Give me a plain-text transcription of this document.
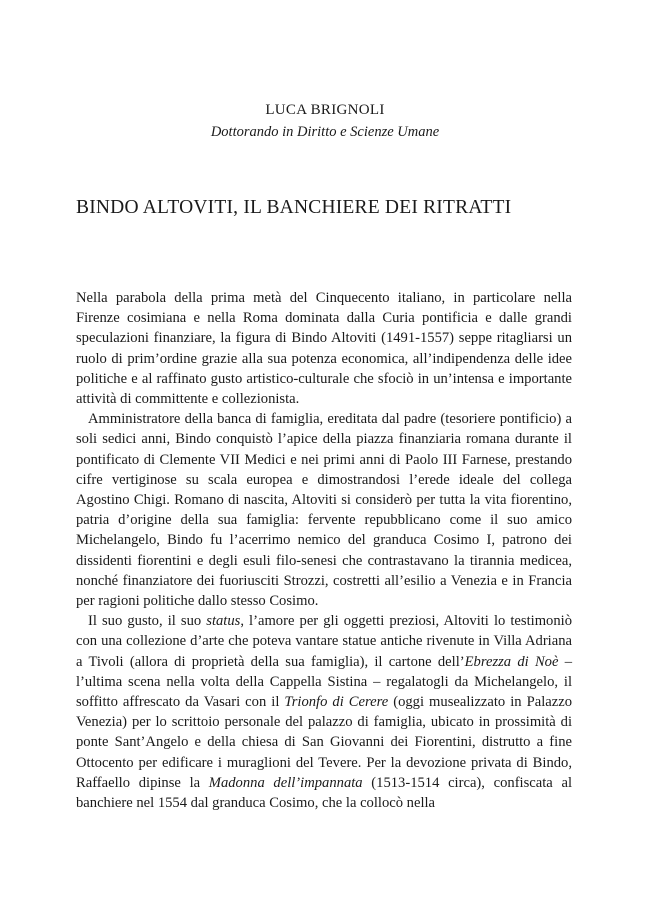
LUCA BRIGNOLI
Dottorando in Diritto e Scienze Umane
BINDO ALTOVITI, IL BANCHIERE DEI RITRATTI

Nella parabola della prima metà del Cinquecento italiano, in particolare nella Firenze cosimiana e nella Roma dominata dalla Curia pontificia e dalle grandi speculazioni finanziare, la figura di Bindo Altoviti (1491-1557) seppe ritagliarsi un ruolo di prim’ordine grazie alla sua potenza economica, all’indipendenza delle idee politiche e al raffinato gusto artistico-culturale che sfociò in un’intensa e importante attività di committente e collezionista.

Amministratore della banca di famiglia, ereditata dal padre (tesoriere pontificio) a soli sedici anni, Bindo conquistò l’apice della piazza finanziaria romana durante il pontificato di Clemente VII Medici e nei primi anni di Paolo III Farnese, prestando cifre vertiginose su scala europea e dimostrandosi l’erede ideale del collega Agostino Chigi. Romano di nascita, Altoviti si considerò per tutta la vita fiorentino, patria d’origine della sua famiglia: fervente repubblicano come il suo amico Michelangelo, Bindo fu l’acerrimo nemico del granduca Cosimo I, patrono dei dissidenti fiorentini e degli esuli filo-senesi che contrastavano la tirannia medicea, nonché finanziatore dei fuoriusciti Strozzi, costretti all’esilio a Venezia e in Francia per ragioni politiche dallo stesso Cosimo.

Il suo gusto, il suo status, l’amore per gli oggetti preziosi, Altoviti lo testimoniò con una collezione d’arte che poteva vantare statue antiche rivenute in Villa Adriana a Tivoli (allora di proprietà della sua famiglia), il cartone dell’Ebrezza di Noè – l’ultima scena nella volta della Cappella Sistina – regalatogli da Michelangelo, il soffitto affrescato da Vasari con il Trionfo di Cerere (oggi musealizzato in Palazzo Venezia) per lo scrittoio personale del palazzo di famiglia, ubicato in prossimità di ponte Sant’Angelo e della chiesa di San Giovanni dei Fiorentini, distrutto a fine Ottocento per edificare i muraglioni del Tevere. Per la devozione privata di Bindo, Raffaello dipinse la Madonna dell’impannata (1513-1514 circa), confiscata al banchiere nel 1554 dal granduca Cosimo, che la collocò nella
